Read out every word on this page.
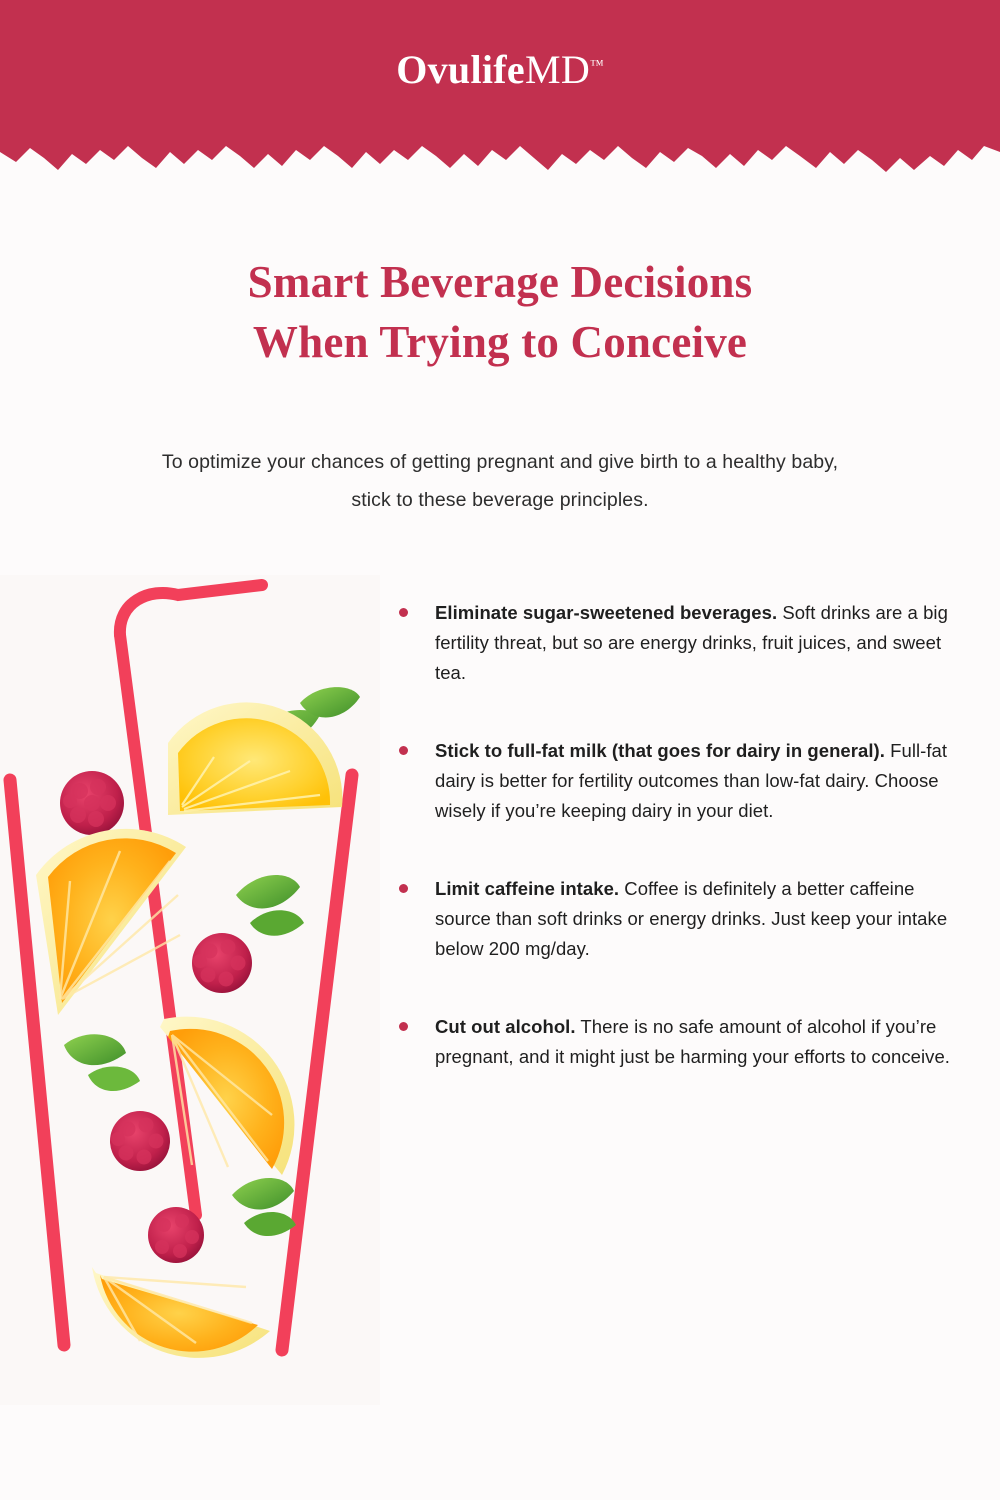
OvulifeMD™
Smart Beverage Decisions
When Trying to Conceive
To optimize your chances of getting pregnant and give birth to a healthy baby, stick to these beverage principles.
Eliminate sugar-sweetened beverages. Soft drinks are a big fertility threat, but so are energy drinks, fruit juices, and sweet tea.
Stick to full-fat milk (that goes for dairy in general). Full-fat dairy is better for fertility outcomes than low-fat dairy. Choose wisely if you’re keeping dairy in your diet.
Limit caffeine intake. Coffee is definitely a better caffeine source than soft drinks or energy drinks. Just keep your intake below 200 mg/day.
Cut out alcohol. There is no safe amount of alcohol if you’re pregnant, and it might just be harming your efforts to conceive.
